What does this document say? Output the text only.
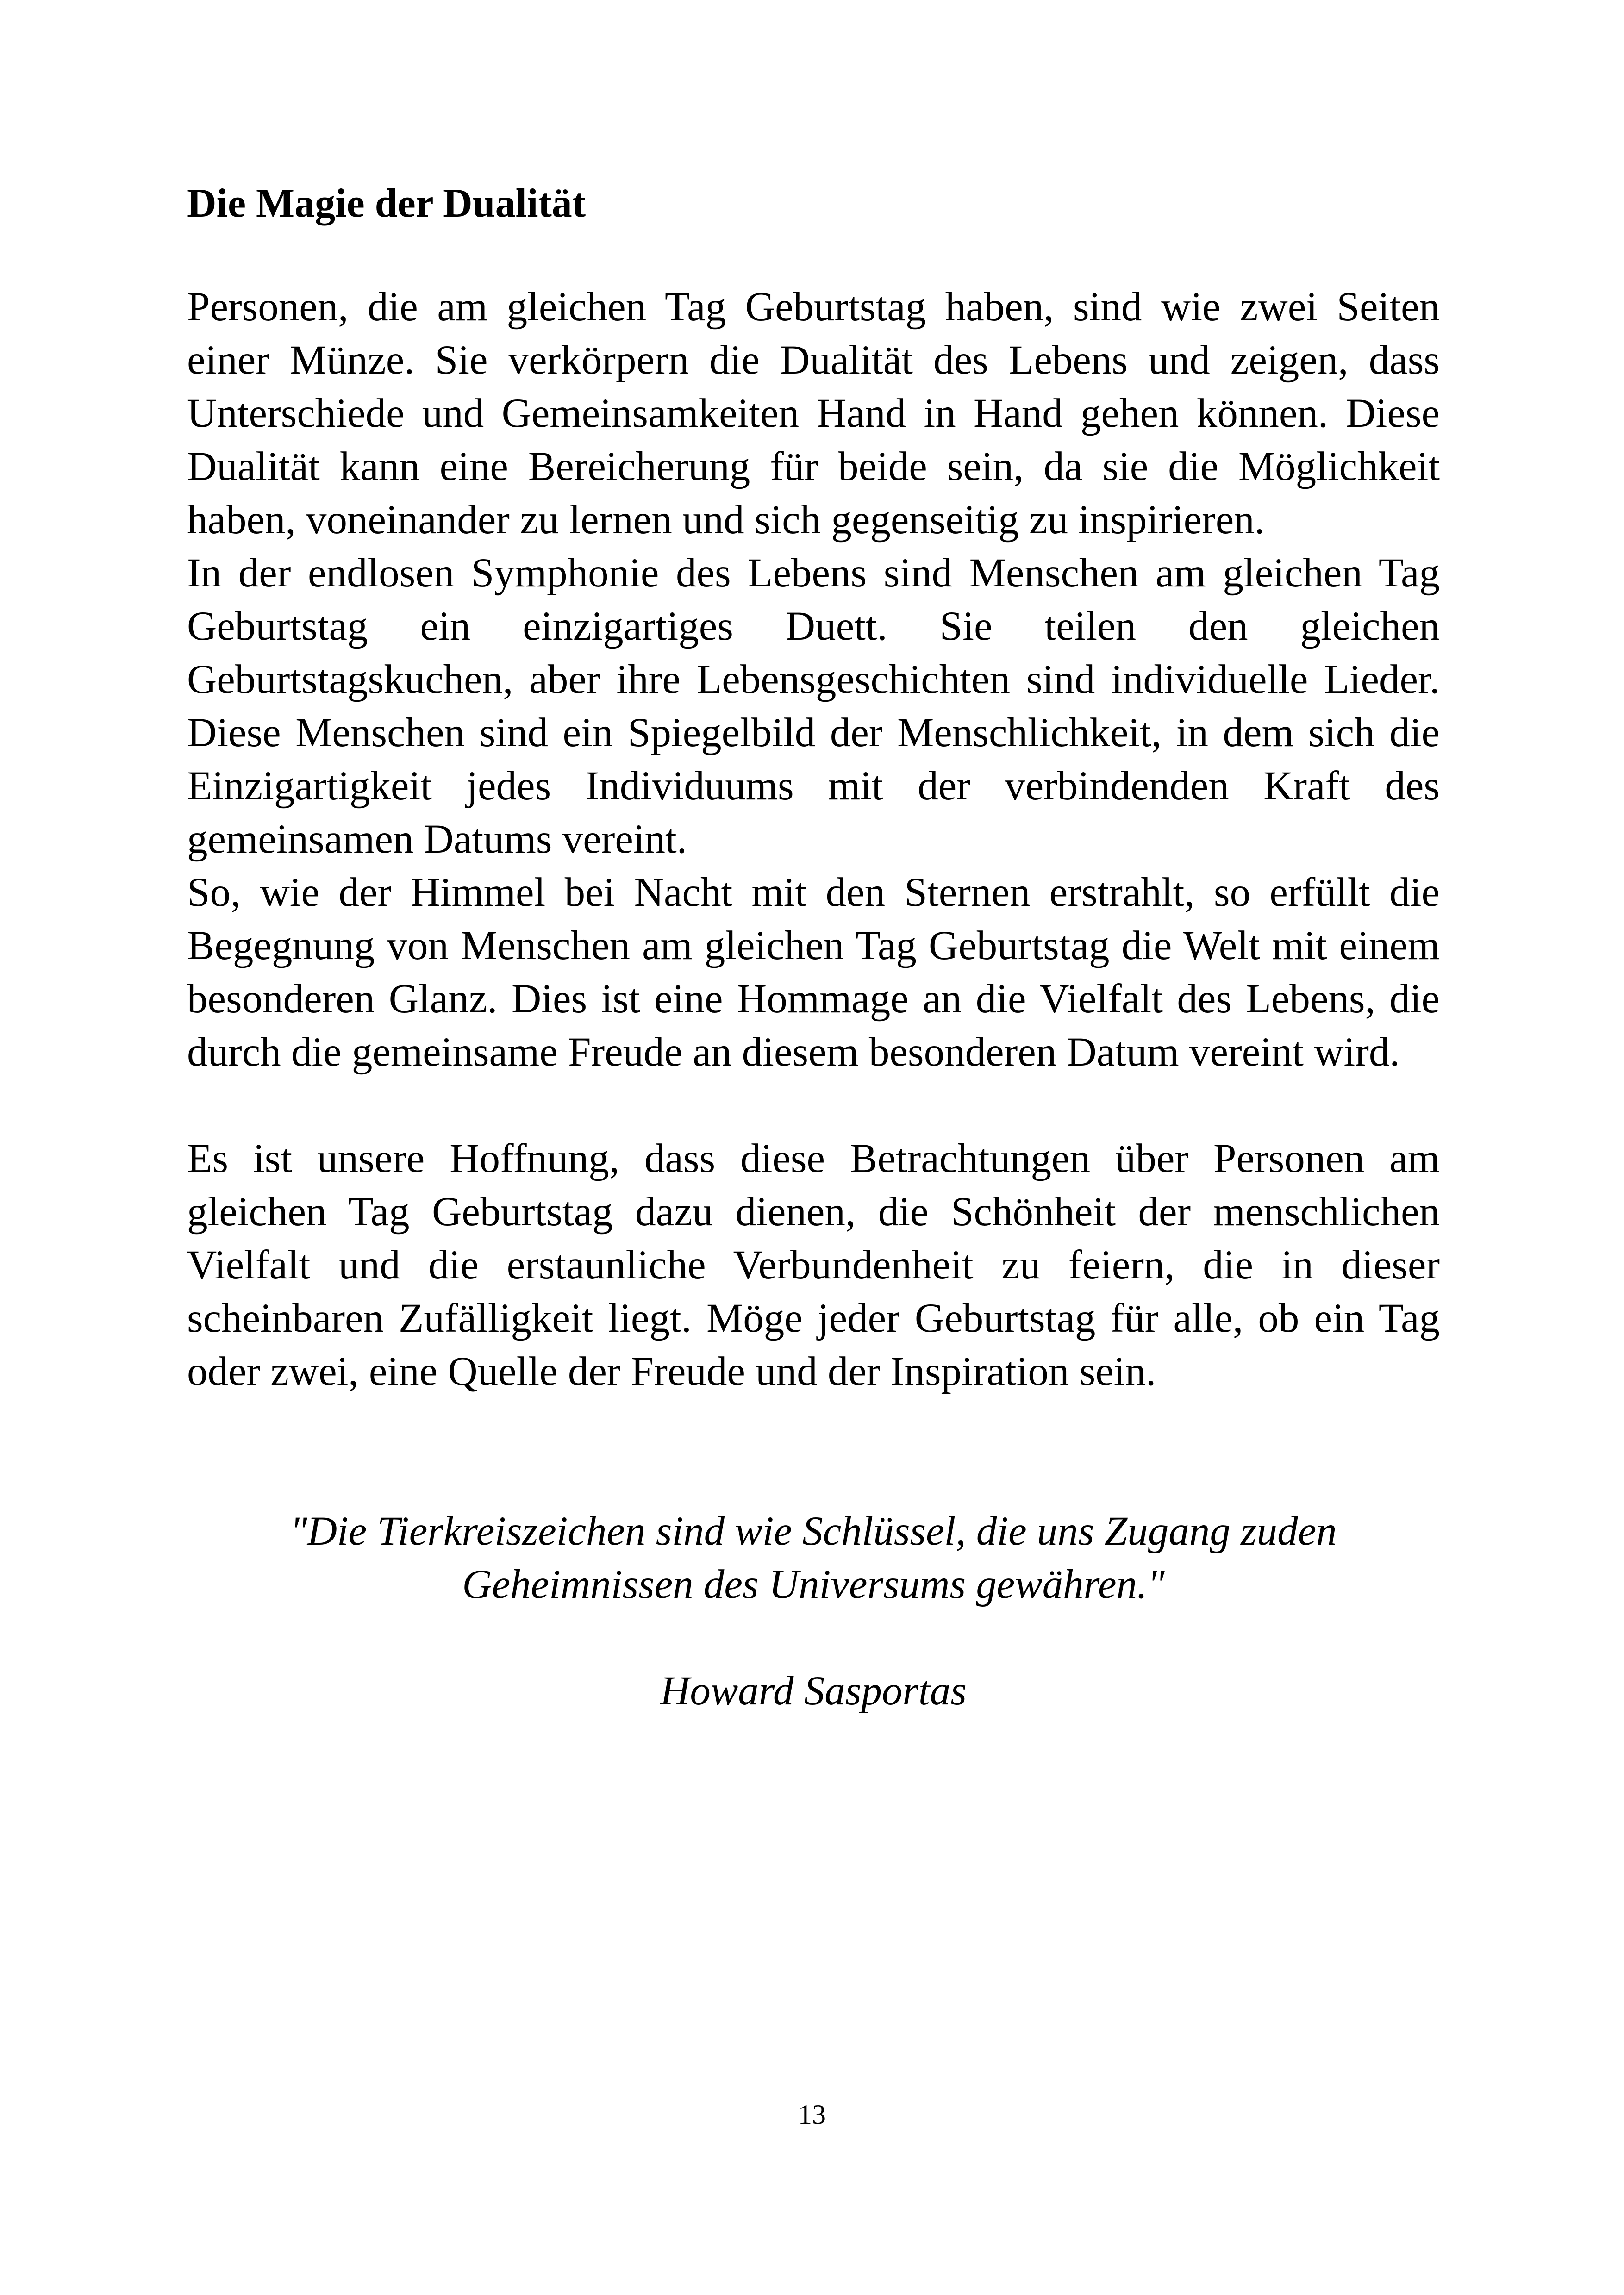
Die Magie der Dualität

Personen, die am gleichen Tag Geburtstag haben, sind wie zwei Seiten einer Münze. Sie verkörpern die Dualität des Lebens und zeigen, dass Unterschiede und Gemeinsamkeiten Hand in Hand gehen können. Diese Dualität kann eine Bereicherung für beide sein, da sie die Möglichkeit haben, voneinander zu lernen und sich gegenseitig zu inspirieren.

In der endlosen Symphonie des Lebens sind Menschen am gleichen Tag Geburtstag ein einzigartiges Duett. Sie teilen den gleichen Geburtstagskuchen, aber ihre Lebensgeschichten sind individuelle Lieder. Diese Menschen sind ein Spiegelbild der Menschlichkeit, in dem sich die Einzigartigkeit jedes Individuums mit der verbindenden Kraft des gemeinsamen Datums vereint.

So, wie der Himmel bei Nacht mit den Sternen erstrahlt, so erfüllt die Begegnung von Menschen am gleichen Tag Geburtstag die Welt mit einem besonderen Glanz. Dies ist eine Hommage an die Vielfalt des Lebens, die durch die gemeinsame Freude an diesem besonderen Datum vereint wird.

Es ist unsere Hoffnung, dass diese Betrachtungen über Personen am gleichen Tag Geburtstag dazu dienen, die Schönheit der menschlichen Vielfalt und die erstaunliche Verbundenheit zu feiern, die in dieser scheinbaren Zufälligkeit liegt. Möge jeder Geburtstag für alle, ob ein Tag oder zwei, eine Quelle der Freude und der Inspiration sein.

"Die Tierkreiszeichen sind wie Schlüssel, die uns Zugang zuden Geheimnissen des Universums gewähren."

Howard Sasportas

13
